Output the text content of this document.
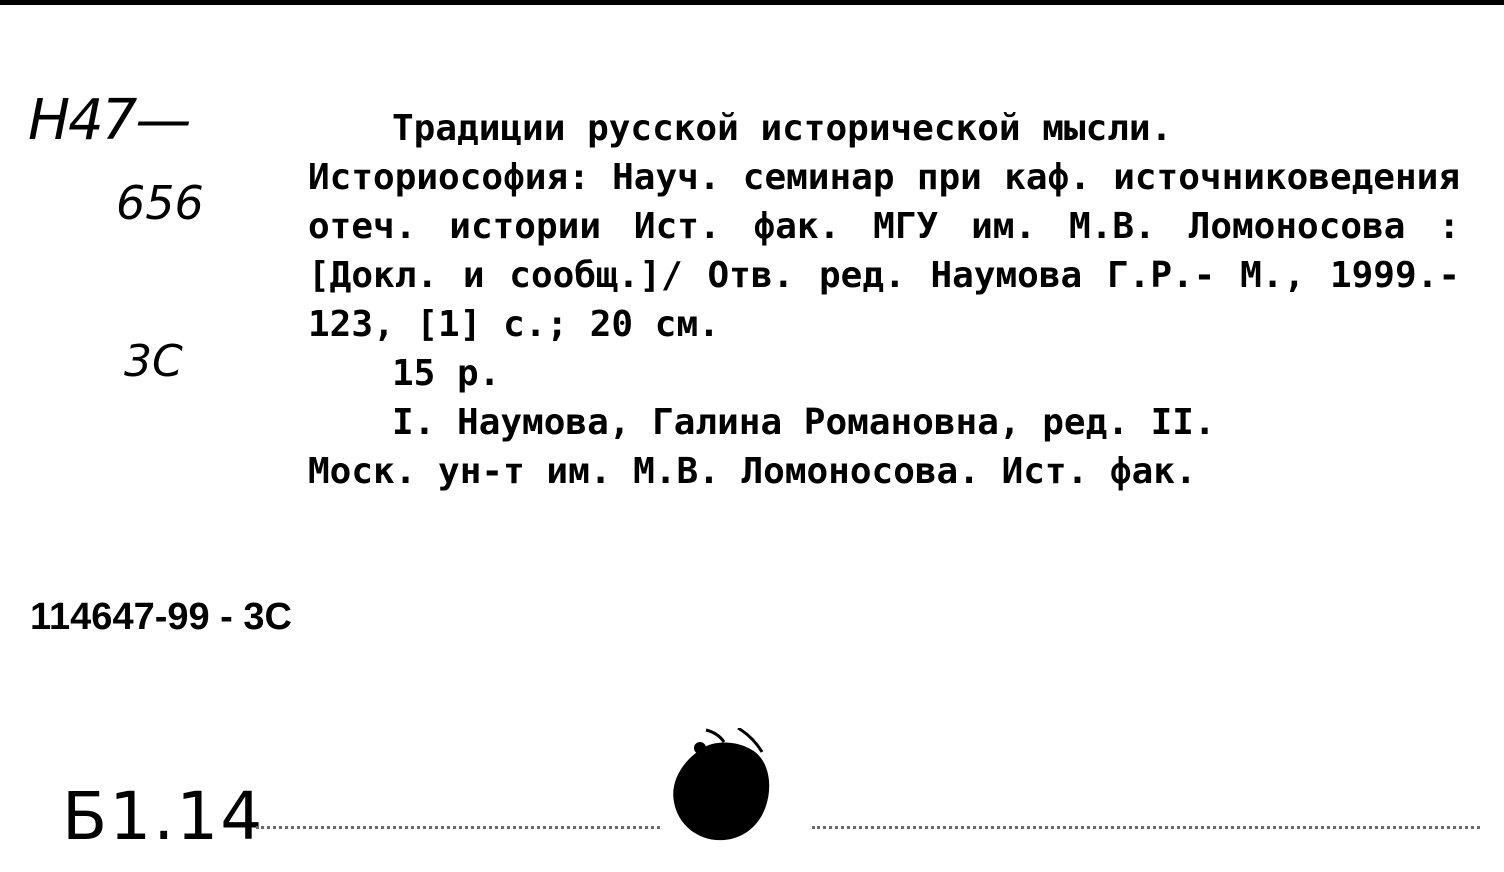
Н47—
656
3С

Традиции русской исторической мысли.

Историософия: Науч. семинар при каф. источниковедения отеч. истории Ист. фак. МГУ им. М.В. Ломоносова : [Докл. и сообщ.]/ Отв. ред. Наумова Г.Р.- М., 1999.- 123, [1] с.; 20 см.

15 р.

I. Наумова, Галина Романовна, ред. II.

Моск. ун-т им. М.В. Ломоносова. Ист. фак.

114647-99 - 3С
Б1.14
